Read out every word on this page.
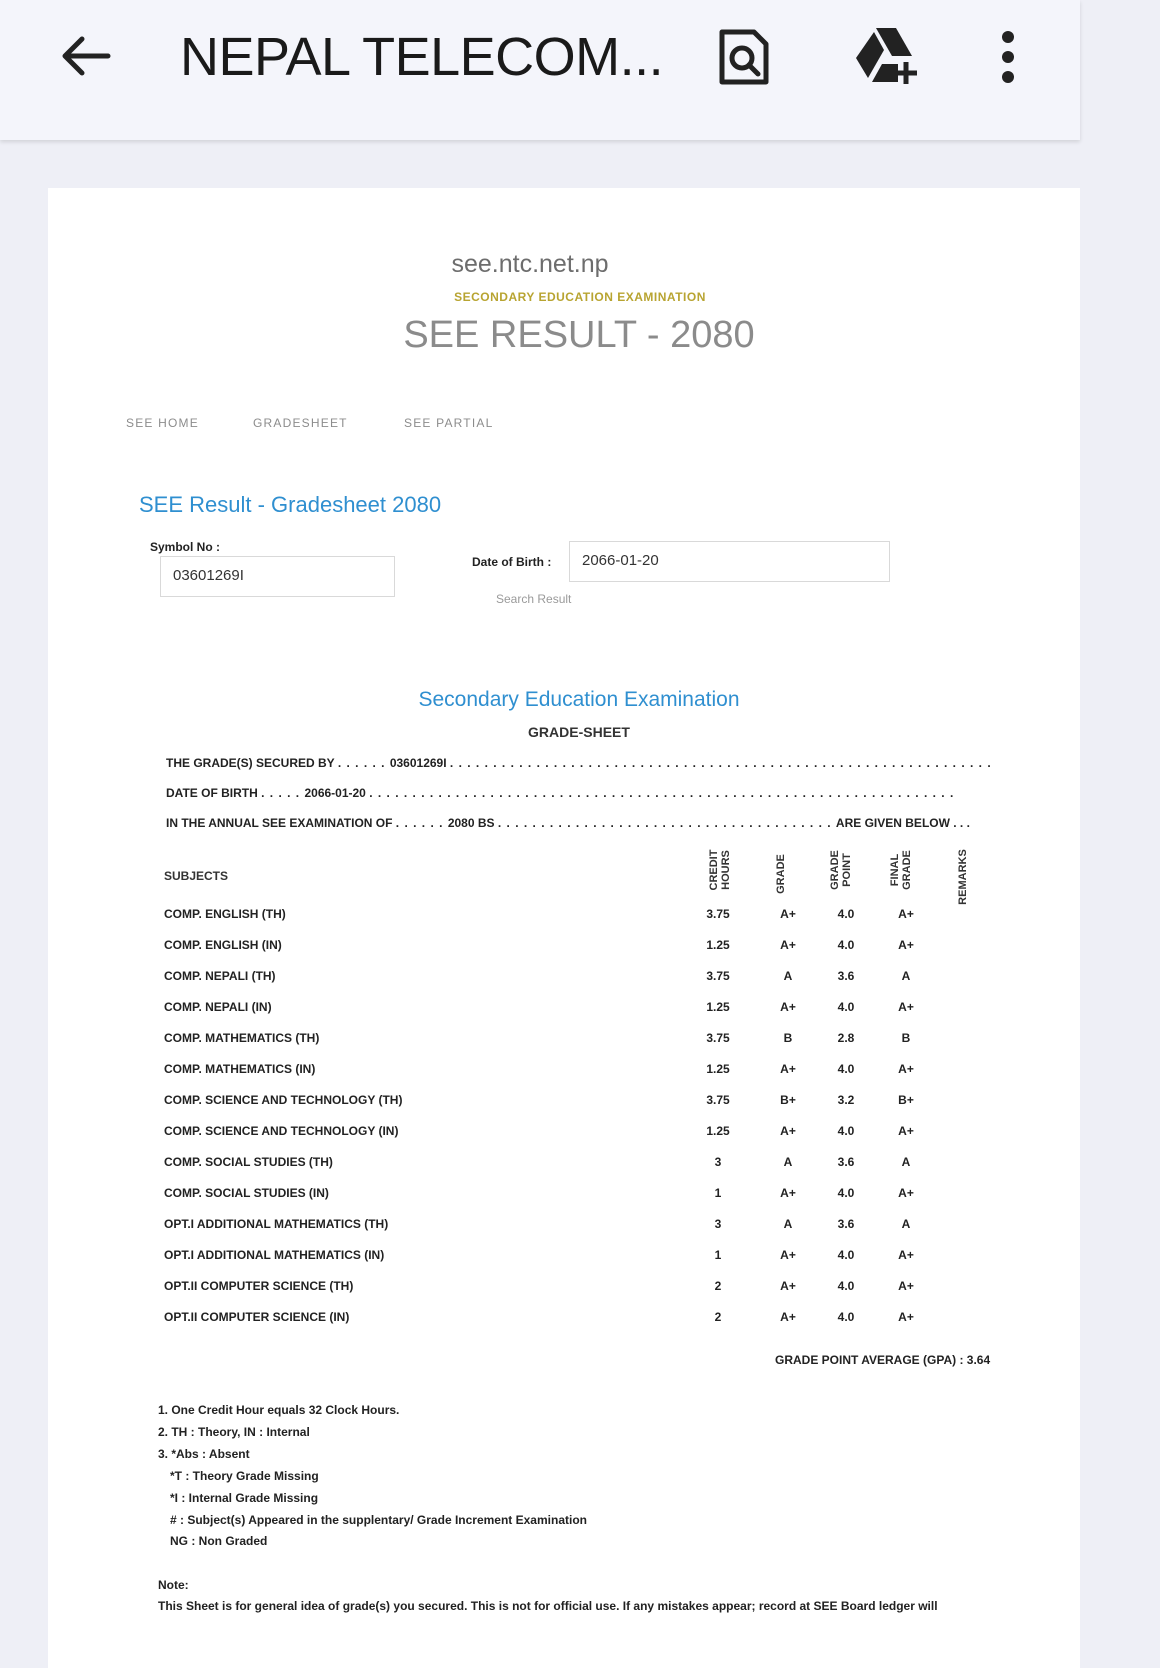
NEPAL TELECOM...
see.ntc.net.np
SECONDARY EDUCATION EXAMINATION
SEE RESULT - 2080
SEE HOME	GRADESHEET	SEE PARTIAL
SEE Result - Gradesheet 2080
Symbol No :
03601269I
Date of Birth :	2066-01-20
Search Result
Secondary Education Examination
GRADE-SHEET
THE GRADE(S) SECURED BY . . . . . . 03601269I . . . . . . . . . . . . . . . . . . . . . . . . . . . . . . . . . . . . . . . . . . . . . . . . . . . . . . . . . . . . . . .
DATE OF BIRTH . . . . . 2066-01-20 . . . . . . . . . . . . . . . . . . . . . . . . . . . . . . . . . . . . . . . . . . . . . . . . . . . . . . . . . . . . . . . . . . . .
IN THE ANNUAL SEE EXAMINATION OF . . . . . . 2080 BS . . . . . . . . . . . . . . . . . . . . . . . . . . . . . . . . . . . . . . . ARE GIVEN BELOW . . .
SUBJECTS	CREDIT HOURS	GRADE	GRADE POINT	FINAL GRADE	REMARKS
COMP. ENGLISH (TH)	3.75	A+	4.0	A+
COMP. ENGLISH (IN)	1.25	A+	4.0	A+
COMP. NEPALI (TH)	3.75	A	3.6	A
COMP. NEPALI (IN)	1.25	A+	4.0	A+
COMP. MATHEMATICS (TH)	3.75	B	2.8	B
COMP. MATHEMATICS (IN)	1.25	A+	4.0	A+
COMP. SCIENCE AND TECHNOLOGY (TH)	3.75	B+	3.2	B+
COMP. SCIENCE AND TECHNOLOGY (IN)	1.25	A+	4.0	A+
COMP. SOCIAL STUDIES (TH)	3	A	3.6	A
COMP. SOCIAL STUDIES (IN)	1	A+	4.0	A+
OPT.I ADDITIONAL MATHEMATICS (TH)	3	A	3.6	A
OPT.I ADDITIONAL MATHEMATICS (IN)	1	A+	4.0	A+
OPT.II COMPUTER SCIENCE (TH)	2	A+	4.0	A+
OPT.II COMPUTER SCIENCE (IN)	2	A+	4.0	A+
GRADE POINT AVERAGE (GPA) : 3.64
1. One Credit Hour equals 32 Clock Hours.
2. TH : Theory, IN : Internal
3. *Abs : Absent
*T : Theory Grade Missing
*I : Internal Grade Missing
# : Subject(s) Appeared in the supplentary/ Grade Increment Examination
NG : Non Graded
Note:
This Sheet is for general idea of grade(s) you secured. This is not for official use. If any mistakes appear; record at SEE Board ledger will
